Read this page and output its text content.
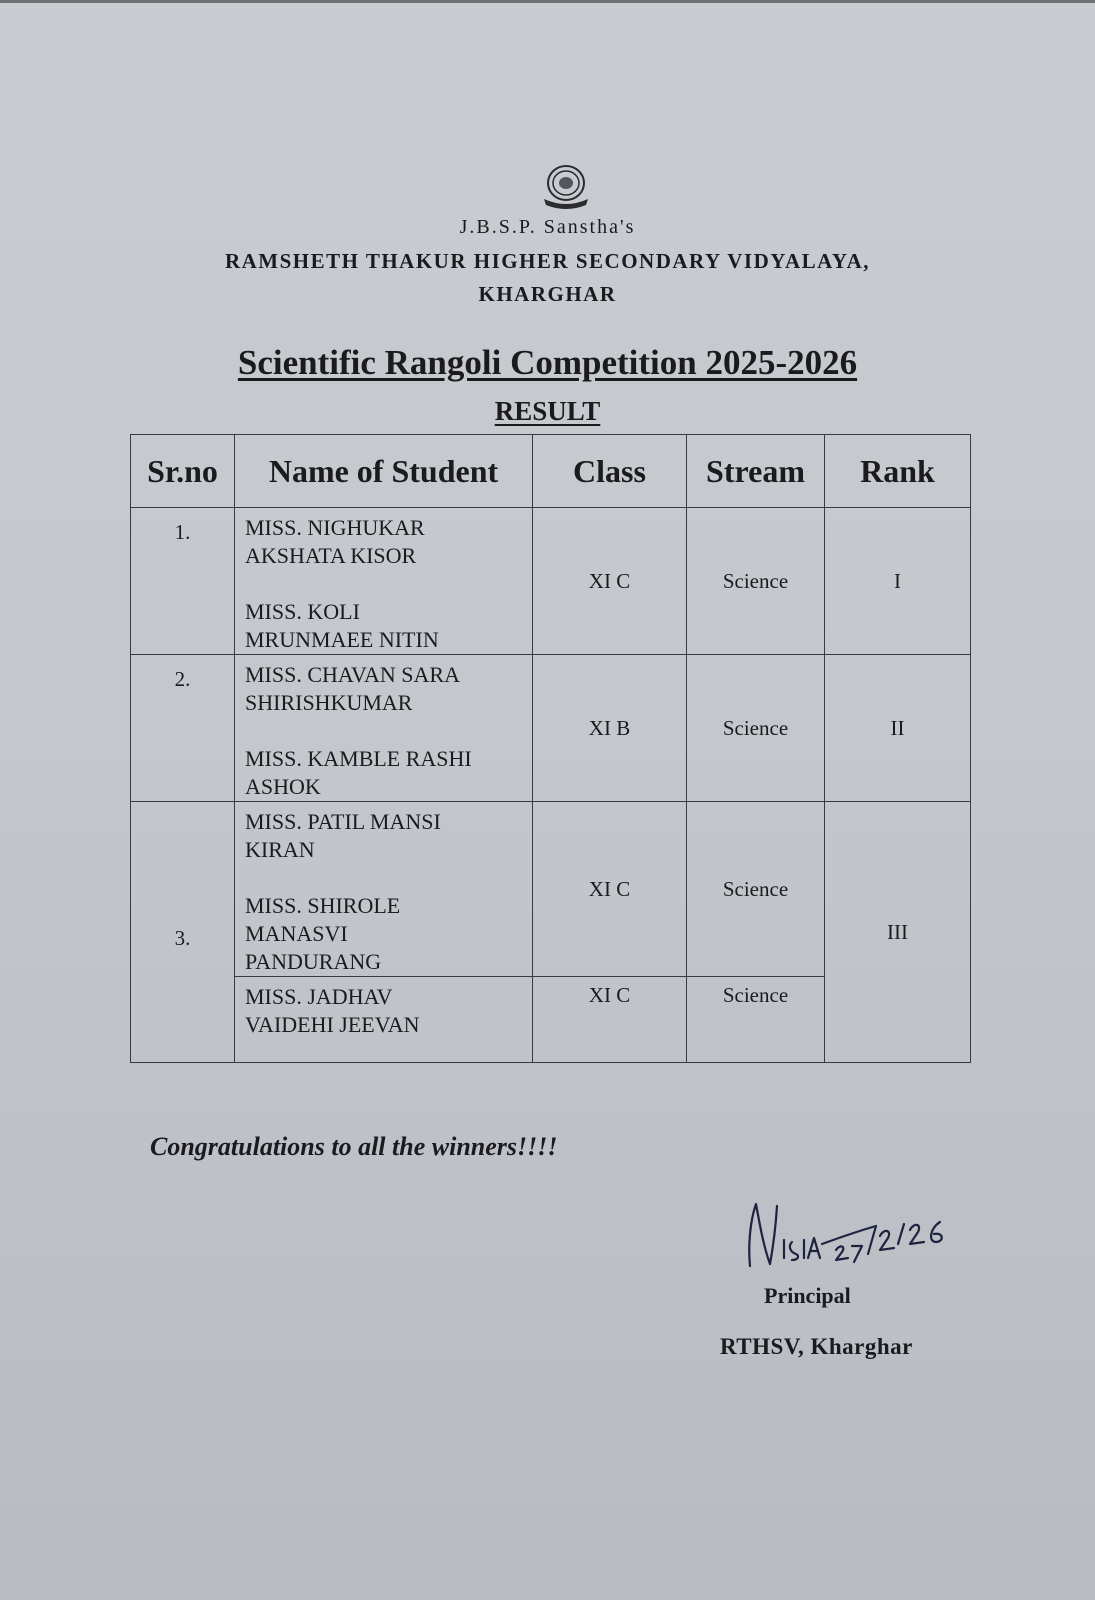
J.B.S.P. Sanstha's
RAMSHETH THAKUR HIGHER SECONDARY VIDYALAYA,
KHARGHAR
Scientific Rangoli Competition 2025-2026
RESULT
Sr.no	Name of Student	Class	Stream	Rank
1.	MISS. NIGHUKAR
AKSHATA KISOR
MISS. KOLI
MRUNMAEE NITIN	XI C	Science	I
2.	MISS. CHAVAN SARA
SHIRISHKUMAR
MISS. KAMBLE RASHI
ASHOK	XI B	Science	II
3.	MISS. PATIL MANSI
KIRAN
MISS. SHIROLE
MANASVI
PANDURANG	XI C	Science	III

	MISS. JADHAV
VAIDEHI JEEVAN	XI C	Science	
Congratulations to all the winners!!!!
Principal
RTHSV, Kharghar
